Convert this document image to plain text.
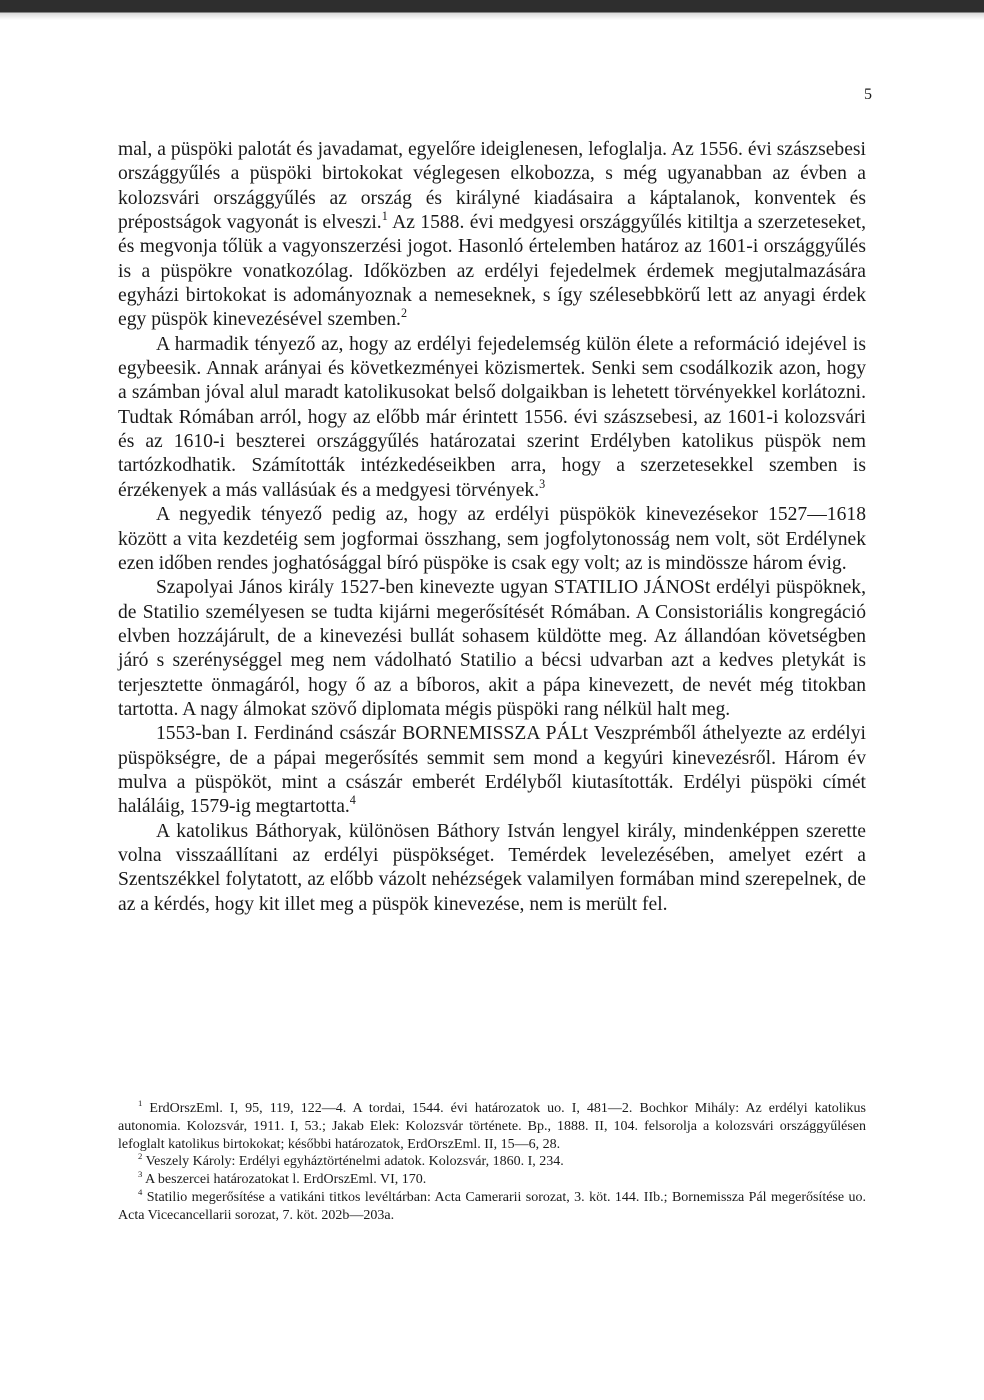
5

mal, a püspöki palotát és javadamat, egyelőre ideiglenesen, lefoglalja. Az 1556. évi szászsebesi országgyűlés a püspöki birtokokat véglegesen elkobozza, s még ugyanabban az évben a kolozsvári országgyűlés az ország és királyné kiadásaira a káptalanok, konventek és prépostságok vagyonát is elveszi.$^1$ Az 1588. évi medgyesi országgyűlés kitiltja a szerzeteseket, és megvonja tőlük a vagyonszerzési jogot. Hasonló értelemben határoz az 1601-i országgyűlés is a püspökre vonatkozólag. Időközben az erdélyi fejedelmek érdemek megjutalmazására egyházi birtokokat is adományoznak a nemeseknek, s így szélesebbkörű lett az anyagi érdek egy püspök kinevezésével szemben.$^2$

A harmadik tényező az, hogy az erdélyi fejedelemség külön élete a reformáció idejével is egybeesik. Annak arányai és következményei közismertek. Senki sem csodálkozik azon, hogy a számban jóval alul maradt katolikusokat belső dolgaikban is lehetett törvényekkel korlátozni. Tudtak Rómában arról, hogy az előbb már érintett 1556. évi szászsebesi, az 1601-i kolozsvári és az 1610-i beszterei országgyűlés határozatai szerint Erdélyben katolikus püspök nem tartózkodhatik. Számították intézkedéseikben arra, hogy a szerzetesekkel szemben is érzékenyek a más vallásúak és a medgyesi törvények.$^3$

A negyedik tényező pedig az, hogy az erdélyi püspökök kinevezésekor 1527—1618 között a vita kezdetéig sem jogformai összhang, sem jogfolytonosság nem volt, söt Erdélynek ezen időben rendes joghatósággal bíró püspöke is csak egy volt; az is mindössze három évig.

Szapolyai János király 1527-ben kinevezte ugyan STATILIO JÁNOSt erdélyi püspöknek, de Statilio személyesen se tudta kijárni megerősítését Rómában. A Consistoriális kongregáció elvben hozzájárult, de a kinevezési bullát sohasem küldötte meg. Az állandóan követségben járó s szerénységgel meg nem vádolható Statilio a bécsi udvarban azt a kedves pletykát is terjesztette önmagáról, hogy ő az a bíboros, akit a pápa kinevezett, de nevét még titokban tartotta. A nagy álmokat szövő diplomata mégis püspöki rang nélkül halt meg.

1553-ban I. Ferdinánd császár BORNEMISSZA PÁLt Veszprémből áthelyezte az erdélyi püspökségre, de a pápai megerősítés semmit sem mond a kegyúri kinevezésről. Három év mulva a püspököt, mint a császár emberét Erdélyből kiutasították. Erdélyi püspöki címét haláláig, 1579-ig megtartotta.$^4$

A katolikus Báthoryak, különösen Báthory István lengyel király, mindenképpen szerette volna visszaállítani az erdélyi püspökséget. Temérdek levelezésében, amelyet ezért a Szentszékkel folytatott, az előbb vázolt nehézségek valamilyen formában mind szerepelnek, de az a kérdés, hogy kit illet meg a püspök kinevezése, nem is merült fel.

$^1$ ErdOrszEml. I, 95, 119, 122—4. A tordai, 1544. évi határozatok uo. I, 481—2. Bochkor Mihály: Az erdélyi katolikus autonomia. Kolozsvár, 1911. I, 53.; Jakab Elek: Kolozsvár története. Bp., 1888. II, 104. felsorolja a kolozsvári országgyűlésen lefoglalt katolikus birtokokat; későbbi határozatok, ErdOrszEml. II, 15—6, 28.

$^2$ Veszely Károly: Erdélyi egyháztörténelmi adatok. Kolozsvár, 1860. I, 234.

$^3$ A beszercei határozatokat l. ErdOrszEml. VI, 170.

$^4$ Statilio megerősítése a vatikáni titkos levéltárban: Acta Camerarii sorozat, 3. köt. 144. IIb.; Bornemissza Pál megerősítése uo. Acta Vicecancellarii sorozat, 7. köt. 202b—203a.
